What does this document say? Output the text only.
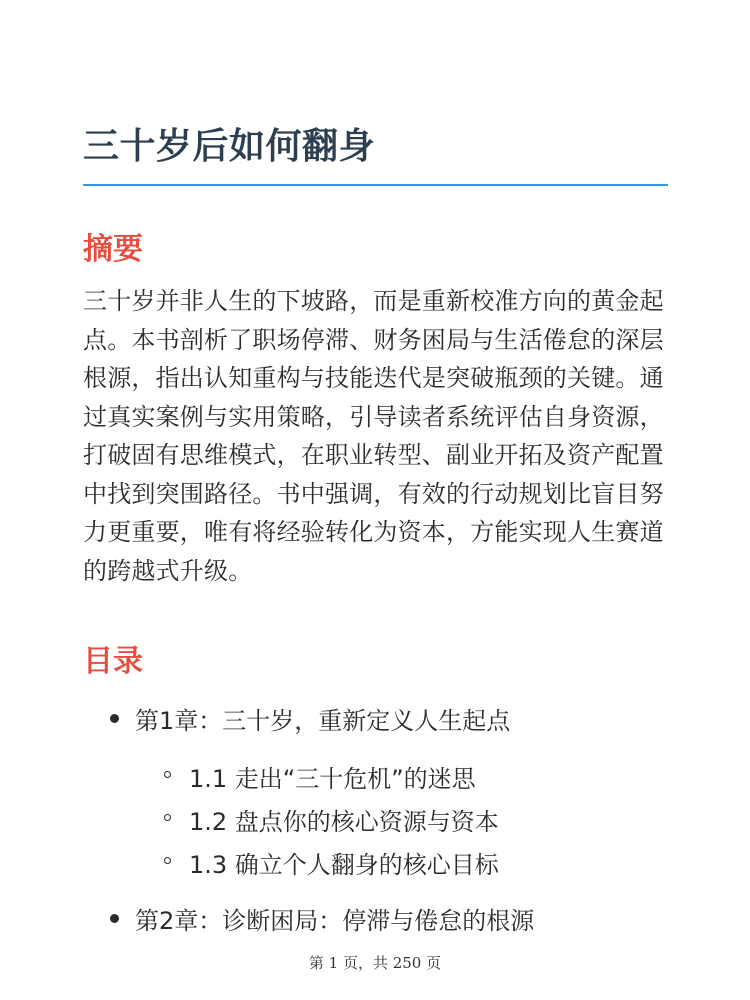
三十岁后如何翻身
摘要

三十岁并非人生的下坡路，而是重新校准方向的黄金起点。本书剖析了职场停滞、财务困局与生活倦怠的深层根源，指出认知重构与技能迭代是突破瓶颈的关键。通过真实案例与实用策略，引导读者系统评估自身资源，打破固有思维模式，在职业转型、副业开拓及资产配置中找到突围路径。书中强调，有效的行动规划比盲目努力更重要，唯有将经验转化为资本，方能实现人生赛道的跨越式升级。

目录
第1章：三十岁，重新定义人生起点
1.1 走出“三十危机”的迷思
1.2 盘点你的核心资源与资本
1.3 确立个人翻身的核心目标
第2章：诊断困局：停滞与倦怠的根源
第 1 页，共 250 页
